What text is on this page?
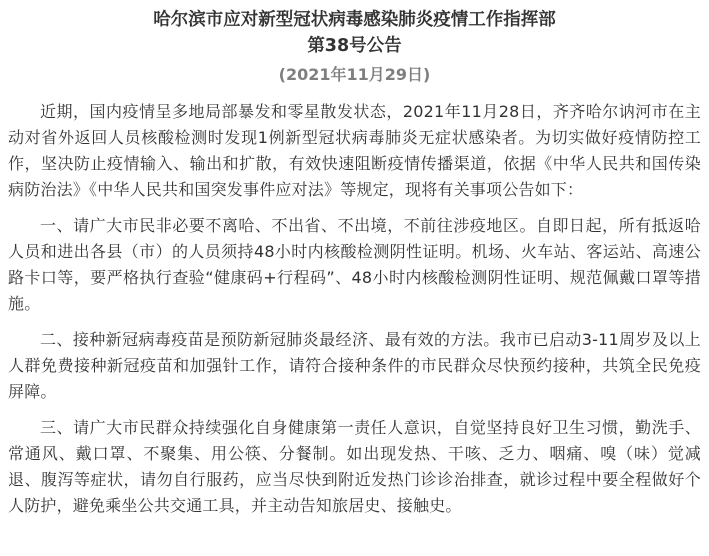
哈尔滨市应对新型冠状病毒感染肺炎疫情工作指挥部
第38号公告
(2021年11月29日)

近期，国内疫情呈多地局部暴发和零星散发状态，2021年11月28日，齐齐哈尔讷河市在主动对省外返回人员核酸检测时发现1例新型冠状病毒肺炎无症状感染者。为切实做好疫情防控工作，坚决防止疫情输入、输出和扩散，有效快速阻断疫情传播渠道，依据《中华人民共和国传染病防治法》《中华人民共和国突发事件应对法》等规定，现将有关事项公告如下：

一、请广大市民非必要不离哈、不出省、不出境，不前往涉疫地区。自即日起，所有抵返哈人员和进出各县（市）的人员须持48小时内核酸检测阴性证明。机场、火车站、客运站、高速公路卡口等，要严格执行查验“健康码+行程码”、48小时内核酸检测阴性证明、规范佩戴口罩等措施。

二、接种新冠病毒疫苗是预防新冠肺炎最经济、最有效的方法。我市已启动3-11周岁及以上人群免费接种新冠疫苗和加强针工作，请符合接种条件的市民群众尽快预约接种，共筑全民免疫屏障。

三、请广大市民群众持续强化自身健康第一责任人意识，自觉坚持良好卫生习惯，勤洗手、常通风、戴口罩、不聚集、用公筷、分餐制。如出现发热、干咳、乏力、咽痛、嗅（味）觉减退、腹泻等症状，请勿自行服药，应当尽快到附近发热门诊诊治排查，就诊过程中要全程做好个人防护，避免乘坐公共交通工具，并主动告知旅居史、接触史。
